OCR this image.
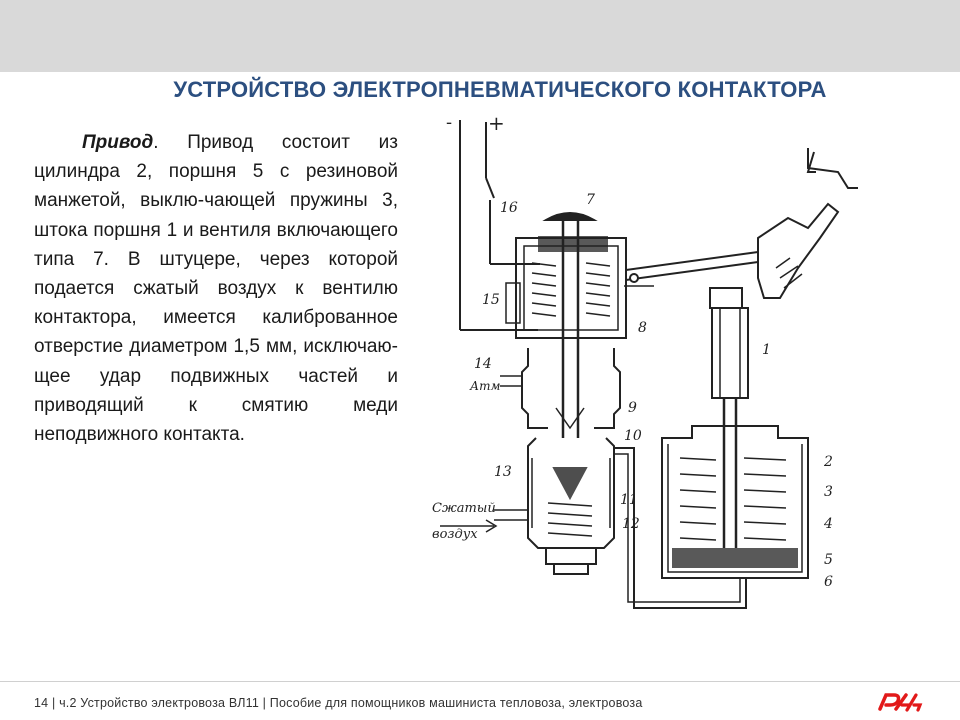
УСТРОЙСТВО ЭЛЕКТРОПНЕВМАТИЧЕСКОГО КОНТАКТОРА
Привод. Привод состоит из цилиндра 2, поршня 5 с резиновой манжетой, выклю-чающей пружины 3, штока поршня 1 и вентиля включающего типа 7. В штуцере, через которой подается сжатый воздух к вентилю контактора, имеется калиброванное отверстие диаметром 1,5 мм, исключаю-щее удар подвижных частей и приводящий к смятию меди неподвижного контакта.
- +
16	7
15
8
1
14
Атм
9
10
2
3
13
11
4
12
5
6
Сжатый
воздух
14 | ч.2 Устройство электровоза ВЛ11 | Пособие для помощников машиниста тепловоза, электровоза
